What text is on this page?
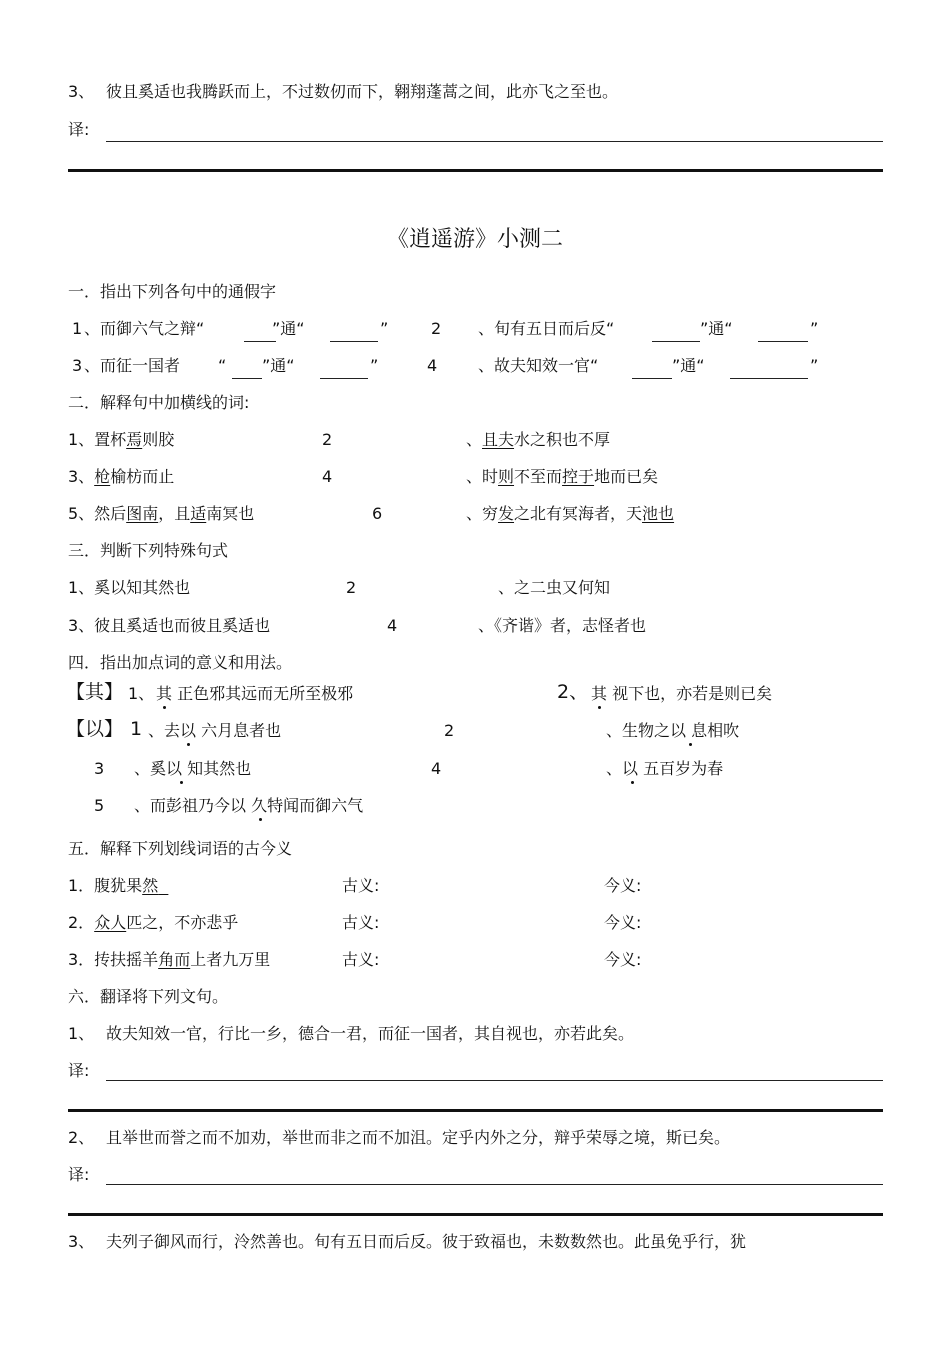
3、 彼且奚适也我腾跃而上，不过数仞而下，翱翔蓬蒿之间，此亦飞之至也。
译:
《逍遥游》小测二
一．指出下列各句中的通假字
1 、而御六气之辩“	”通“	”	2 、旬有五日而后反“	”通“	”
3 、而征一国者 “ ”通“	”	4	、故夫知效一官“	”通“	”
二．解释句中加横线的词:
1、置杯焉则胶	2	、且夫水之积也不厚
3、枪榆枋而止	4	、时则不至而控于地而已矣
5、然后图南，且适南冥也	6	、穷发之北有冥海者，天池也
三．判断下列特殊句式
1、奚以知其然也	2	、之二虫又何知
3、彼且奚适也而彼且奚适也	4	、《齐谐》者，志怪者也
四．指出加点词的意义和用法。
【其】 1、 其 正色邪其远而无所至极邪	2、 其 视下也，亦若是则已矣
【以】 1 、去以 六月息者也	2	、生物之以 息相吹
3 、奚以 知其然也	4	、以 五百岁为春
5 、而彭祖乃今以 久特闻而御六气
五．解释下列划线词语的古今义
1．腹犹果然	古义:	今义:
2．众人匹之，不亦悲乎	古义:	今义:
3．抟扶摇羊角而上者九万里	古义:	今义:
六．翻译将下列文句。
1、 故夫知效一官，行比一乡，德合一君，而征一国者，其自视也，亦若此矣。
译:
2、 且举世而誉之而不加劝，举世而非之而不加沮。定乎内外之分，辩乎荣辱之境，斯已矣。
译:
3、 夫列子御风而行，泠然善也。旬有五日而后反。彼于致福也，未数数然也。此虽免乎行，犹
